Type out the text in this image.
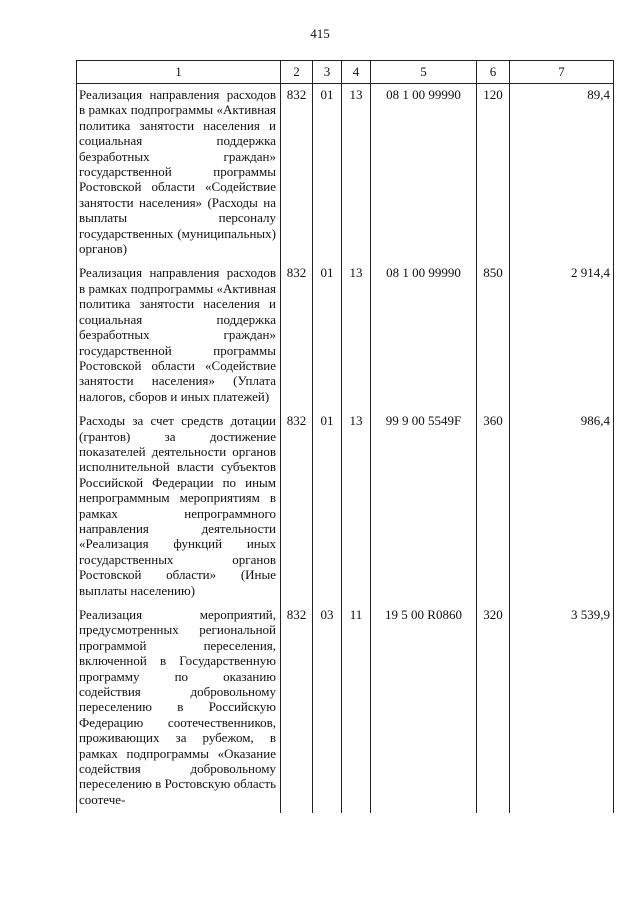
415
1	2	3	4	5	6	7
Реализация направления расходов в рамках подпрограммы «Активная политика занятости населения и социальная поддержка безработных граждан» государственной программы Ростовской области «Содействие занятости населения» (Расходы на выплаты персоналу государственных (муниципальных) органов)	832	01	13	08 1 00 99990	120	89,4
Реализация направления расходов в рамках подпрограммы «Активная политика занятости населения и социальная поддержка безработных граждан» государственной программы Ростовской области «Содействие занятости населения» (Уплата налогов, сборов и иных платежей)	832	01	13	08 1 00 99990	850	2 914,4
Расходы за счет средств дотации (грантов) за достижение показателей деятельности органов исполнительной власти субъектов Российской Федерации по иным непрограммным мероприятиям в рамках непрограммного направления деятельности «Реализация функций иных государственных органов Ростовской области» (Иные выплаты населению)	832	01	13	99 9 00 5549F	360	986,4
Реализация мероприятий, предусмотренных региональной программой переселения, включенной в Государственную программу по оказанию содействия добровольному переселению в Российскую Федерацию соотечественников, проживающих за рубежом, в рамках подпрограммы «Оказание содействия добровольному переселению в Ростовскую область соотече-	832	03	11	19 5 00 R0860	320	3 539,9
